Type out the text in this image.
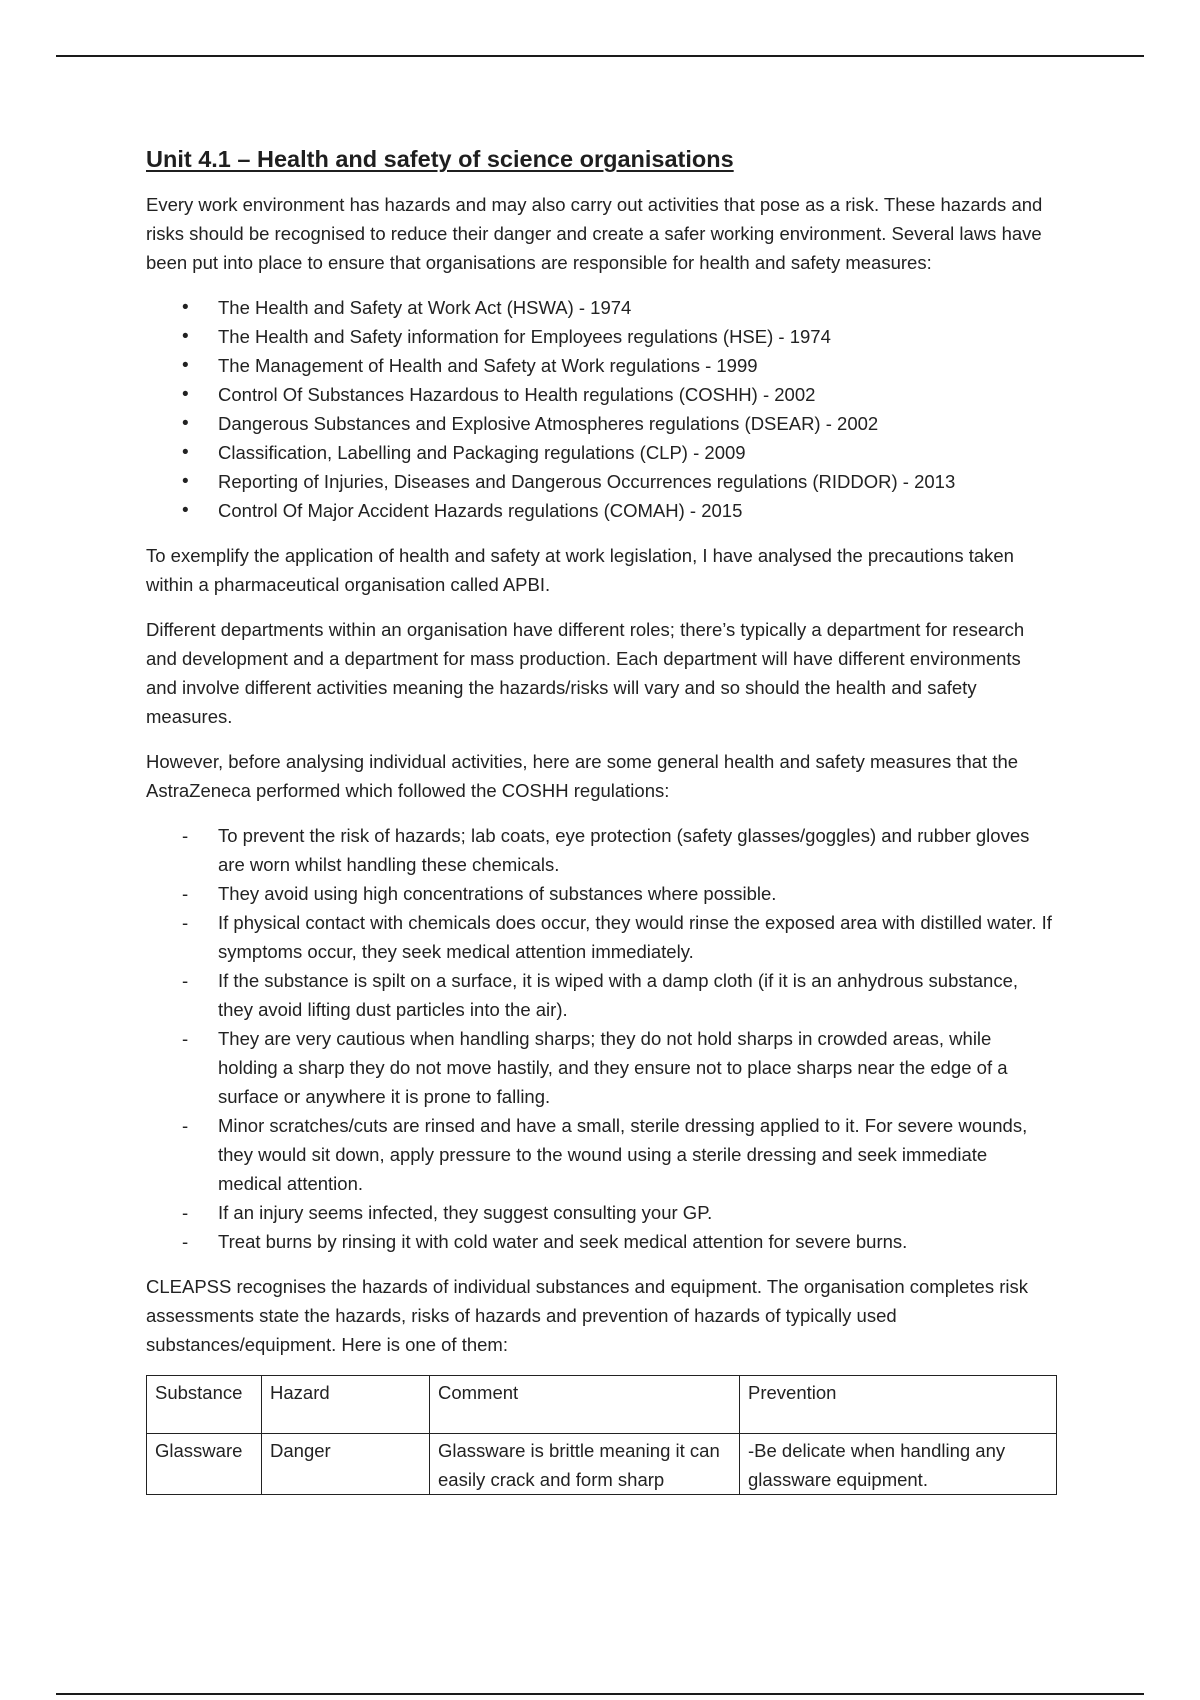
Unit 4.1 – Health and safety of science organisations

Every work environment has hazards and may also carry out activities that pose as a risk. These hazards and risks should be recognised to reduce their danger and create a safer working environment. Several laws have been put into place to ensure that organisations are responsible for health and safety measures:

•	The Health and Safety at Work Act (HSWA) - 1974
•	The Health and Safety information for Employees regulations (HSE) - 1974
•	The Management of Health and Safety at Work regulations - 1999
•	Control Of Substances Hazardous to Health regulations (COSHH) - 2002
•	Dangerous Substances and Explosive Atmospheres regulations (DSEAR) - 2002
•	Classification, Labelling and Packaging regulations (CLP) - 2009
•	Reporting of Injuries, Diseases and Dangerous Occurrences regulations (RIDDOR) - 2013
•	Control Of Major Accident Hazards regulations (COMAH) - 2015

To exemplify the application of health and safety at work legislation, I have analysed the precautions taken within a pharmaceutical organisation called APBI.

Different departments within an organisation have different roles; there’s typically a department for research and development and a department for mass production. Each department will have different environments and involve different activities meaning the hazards/risks will vary and so should the health and safety measures.

However, before analysing individual activities, here are some general health and safety measures that the AstraZeneca performed which followed the COSHH regulations:

-	To prevent the risk of hazards; lab coats, eye protection (safety glasses/goggles) and rubber gloves are worn whilst handling these chemicals.
-	They avoid using high concentrations of substances where possible.
-	If physical contact with chemicals does occur, they would rinse the exposed area with distilled water. If symptoms occur, they seek medical attention immediately.
-	If the substance is spilt on a surface, it is wiped with a damp cloth (if it is an anhydrous substance, they avoid lifting dust particles into the air).
-	They are very cautious when handling sharps; they do not hold sharps in crowded areas, while holding a sharp they do not move hastily, and they ensure not to place sharps near the edge of a surface or anywhere it is prone to falling.
-	Minor scratches/cuts are rinsed and have a small, sterile dressing applied to it. For severe wounds, they would sit down, apply pressure to the wound using a sterile dressing and seek immediate medical attention.
-	If an injury seems infected, they suggest consulting your GP.
-	Treat burns by rinsing it with cold water and seek medical attention for severe burns.

CLEAPSS recognises the hazards of individual substances and equipment. The organisation completes risk assessments state the hazards, risks of hazards and prevention of hazards of typically used substances/equipment. Here is one of them:

Substance	Hazard	Comment	Prevention

Glassware	Danger	Glassware is brittle meaning it can easily crack and form sharp	-Be delicate when handling any glassware equipment.
